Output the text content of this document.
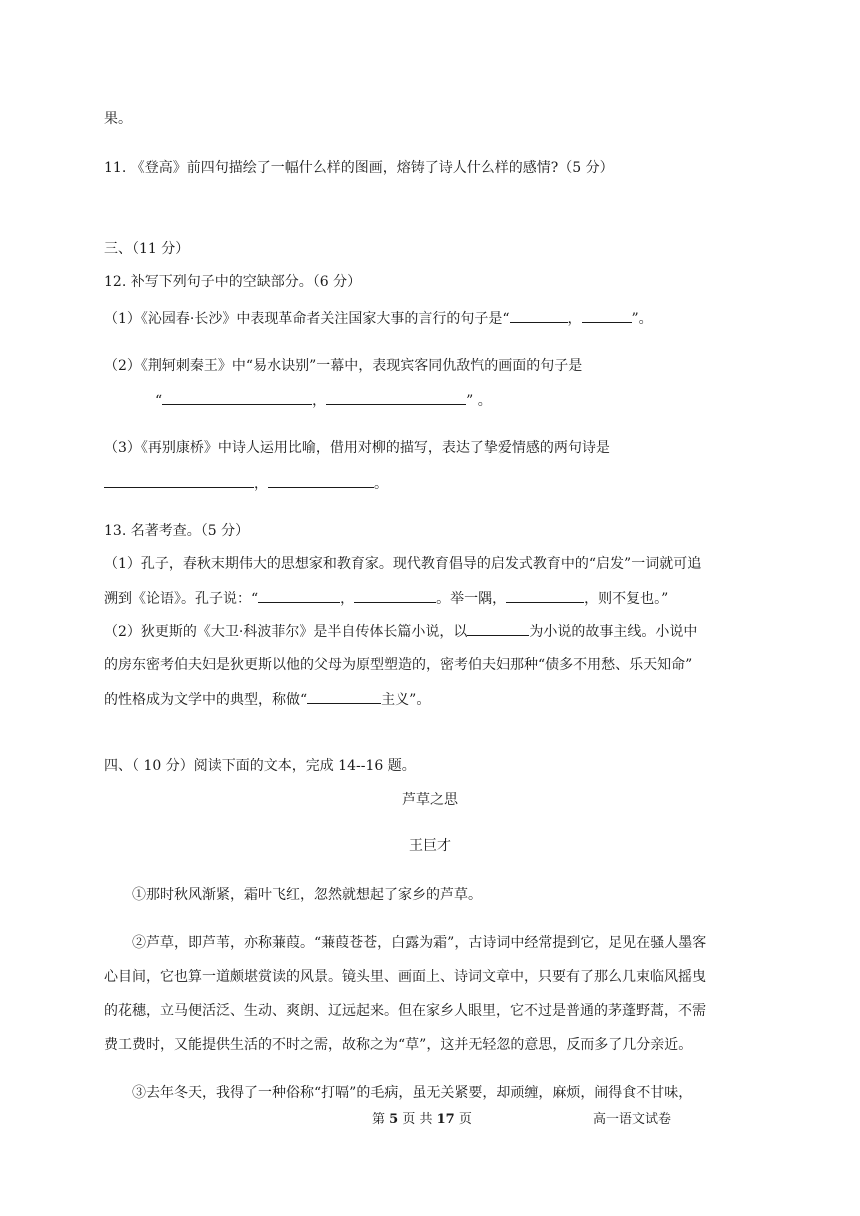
果。
11. 《登高》前四句描绘了一幅什么样的图画，熔铸了诗人什么样的感情?（5 分）
三、（11 分）
12. 补写下列句子中的空缺部分。（6 分）
（1）《沁园春·长沙》中表现革命者关注国家大事的言行的句子是“	，	”。
（2）《荆轲刺秦王》中“易水诀别”一幕中，表现宾客同仇敌忾的画面的句子是
“	，	” 。
（3）《再别康桥》中诗人运用比喻，借用对柳的描写，表达了挚爱情感的两句诗是
，	。
13. 名著考查。（5 分）
（1）孔子，春秋末期伟大的思想家和教育家。现代教育倡导的启发式教育中的“启发”一词就可追
溯到《论语》。孔子说：“	，	。举一隅，	，则不复也。”
（2）狄更斯的《大卫·科波菲尔》是半自传体长篇小说，以	为小说的故事主线。小说中
的房东密考伯夫妇是狄更斯以他的父母为原型塑造的，密考伯夫妇那种“债多不用愁、乐天知命”
的性格成为文学中的典型，称做“	主义”。
四、（ 10 分）阅读下面的文本，完成 14--16 题。
芦草之思
王巨才
①那时秋风渐紧，霜叶飞红，忽然就想起了家乡的芦草。
②芦草，即芦苇，亦称蒹葭。“蒹葭苍苍，白露为霜”，古诗词中经常提到它，足见在骚人墨客
心目间，它也算一道颇堪赏读的风景。镜头里、画面上、诗词文章中，只要有了那么几束临风摇曳
的花穗，立马便活泛、生动、爽朗、辽远起来。但在家乡人眼里，它不过是普通的茅蓬野蒿，不需
费工费时，又能提供生活的不时之需，故称之为“草”，这并无轻忽的意思，反而多了几分亲近。
③去年冬天，我得了一种俗称“打嗝”的毛病，虽无关紧要，却顽缠，麻烦，闹得食不甘味，
第 5 页 共 17 页	高一语文试卷
